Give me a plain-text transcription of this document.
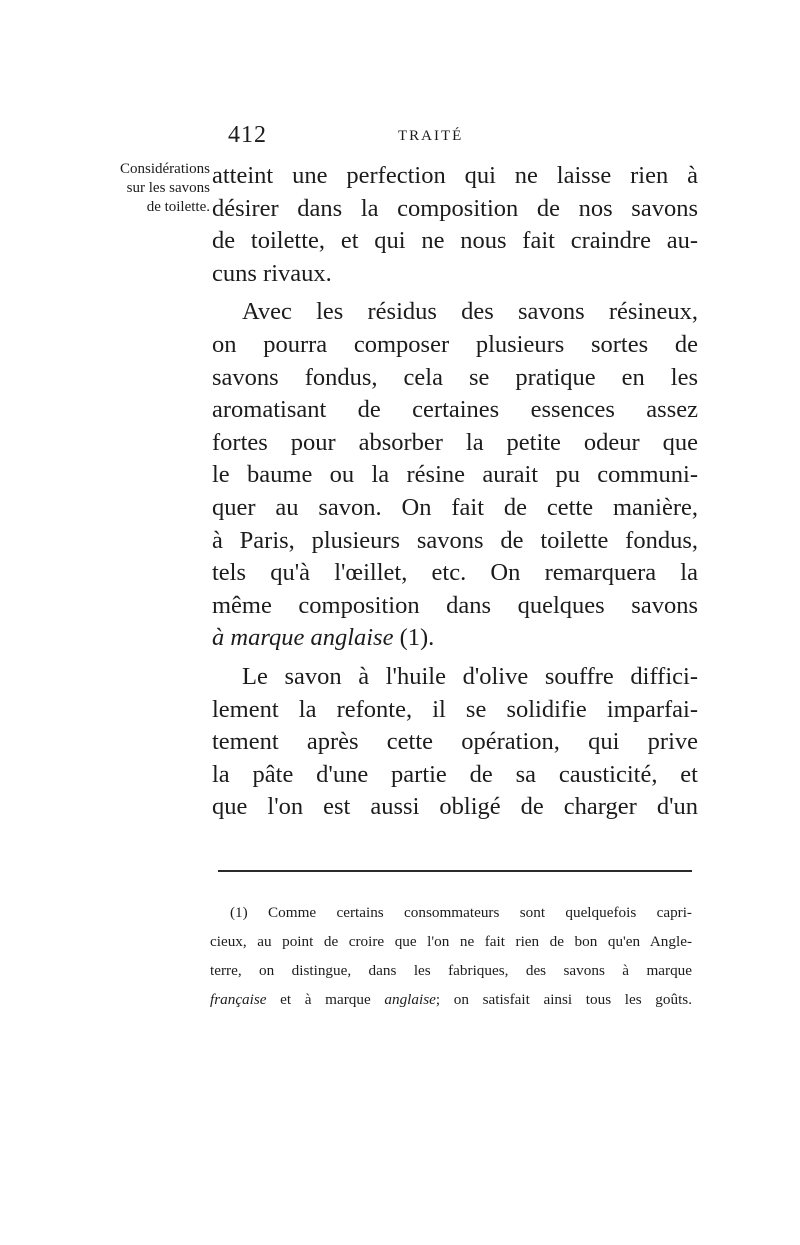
412	TRAITÉ
Considérations
sur les savons
de toilette.
atteint une perfection qui ne laisse rien à
désirer dans la composition de nos savons
de toilette, et qui ne nous fait craindre au-
cuns rivaux.
Avec les résidus des savons résineux,
on pourra composer plusieurs sortes de
savons fondus, cela se pratique en les
aromatisant de certaines essences assez
fortes pour absorber la petite odeur que
le baume ou la résine aurait pu communi-
quer au savon. On fait de cette manière,
à Paris, plusieurs savons de toilette fondus,
tels qu'à l'œillet, etc. On remarquera la
même composition dans quelques savons
à marque anglaise (1).
Le savon à l'huile d'olive souffre diffici-
lement la refonte, il se solidifie imparfai-
tement après cette opération, qui prive
la pâte d'une partie de sa causticité, et
que l'on est aussi obligé de charger d'un
(1) Comme certains consommateurs sont quelquefois capri-
cieux, au point de croire que l'on ne fait rien de bon qu'en Angle-
terre, on distingue, dans les fabriques, des savons à marque
française et à marque anglaise; on satisfait ainsi tous les goûts.
